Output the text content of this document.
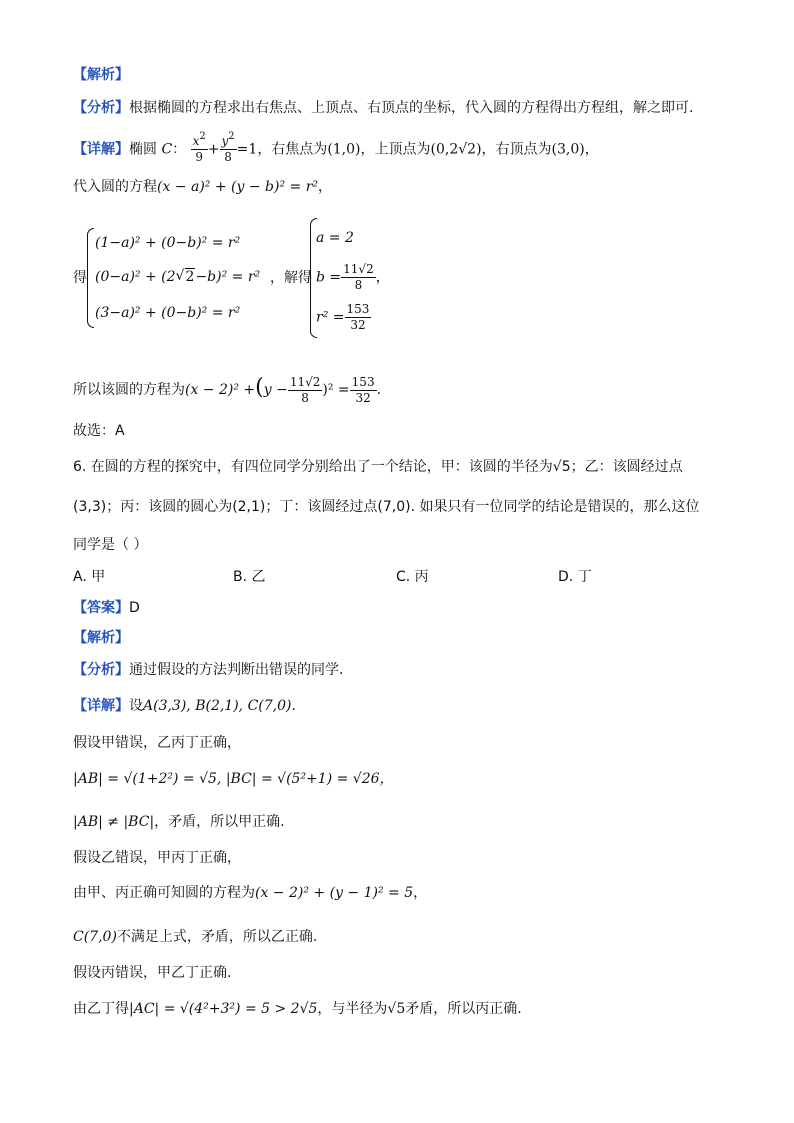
【解析】
【分析】根据椭圆的方程求出右焦点、上顶点、右顶点的坐标，代入圆的方程得出方程组，解之即可.
【详解】椭圆 C： $\frac{x^2}{9} + \frac{y^2}{8} =1$，右焦点为(1,0)，上顶点为(0,2√2)，右顶点为(3,0)，
代入圆的方程(x − a)² + (y − b)² = r²，
得
(1−a)² + (0−b)² = r²
(0−a)² + (2√ 2−b)² = r²
(3−a)² + (0−b)² = r²
，解得
a = 2
$b = \frac{11√2}{8}$ ，
$r^2 = \frac{153}{32}$
所以该圆的方程为$(x - 2)^2 +(y - \frac{11√2}{8} )^2 = \frac{153}{32}$ .
故选：A
6. 在圆的方程的探究中，有四位同学分别给出了一个结论，甲：该圆的半径为√5；乙：该圆经过点
(3,3)；丙：该圆的圆心为(2,1)；丁：该圆经过点(7,0). 如果只有一位同学的结论是错误的，那么这位
同学是（ ）
A. 甲	B. 乙	C. 丙	D. 丁
【答案】D
【解析】
【分析】通过假设的方法判断出错误的同学.
【详解】设A(3,3), B(2,1), C(7,0).
假设甲错误，乙丙丁正确，
|AB| = √(1+2²) = √5, |BC| = √(5²+1) = √26，
|AB| ≠ |BC|，矛盾，所以甲正确.
假设乙错误，甲丙丁正确，
由甲、丙正确可知圆的方程为(x − 2)² + (y − 1)² = 5，
C(7,0)不满足上式，矛盾，所以乙正确.
假设丙错误，甲乙丁正确.
由乙丁得|AC| = √(4²+3²) = 5 > 2√5，与半径为√5矛盾，所以丙正确.
